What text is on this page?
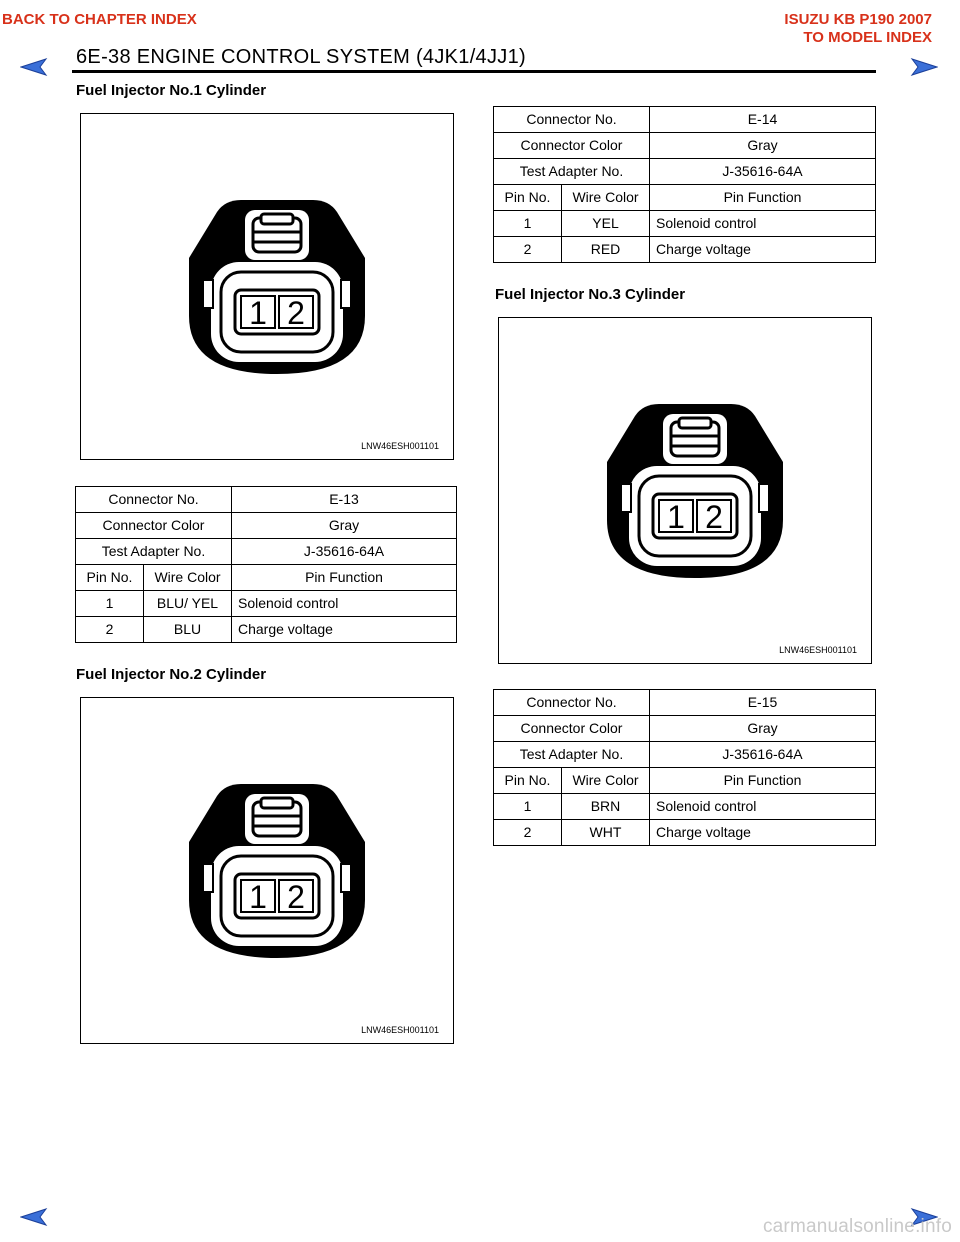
BACK TO CHAPTER INDEX	ISUZU KB P190 2007
TO MODEL INDEX
6E-38 ENGINE CONTROL SYSTEM (4JK1/4JJ1)
Fuel Injector No.1 Cylinder
1 2
LNW46ESH001101
Connector No.		E-13
Connector Color		Gray
Test Adapter No.		J-35616-64A
Pin No.	Wire Color	Pin Function
1	BLU/ YEL	Solenoid control
2	BLU	Charge voltage
Fuel Injector No.2 Cylinder
1 2
LNW46ESH001101
Connector No.		E-14
Connector Color		Gray
Test Adapter No.		J-35616-64A
Pin No.	Wire Color	Pin Function
1	YEL	Solenoid control
2	RED	Charge voltage
Fuel Injector No.3 Cylinder
1 2
LNW46ESH001101
Connector No.		E-15
Connector Color		Gray
Test Adapter No.		J-35616-64A
Pin No.	Wire Color	Pin Function
1	BRN	Solenoid control
2	WHT	Charge voltage
carmanualsonline.info
